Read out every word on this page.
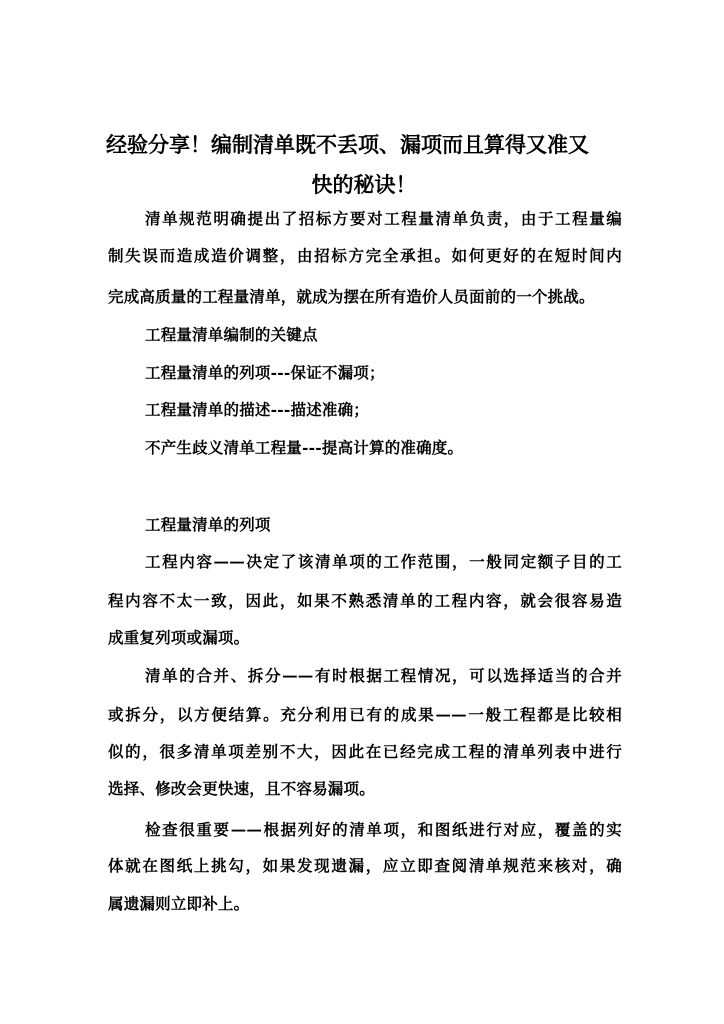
经验分享！编制清单既不丢项、漏项而且算得又准又
快的秘诀！
清单规范明确提出了招标方要对工程量清单负责，由于工程量编
制失误而造成造价调整，由招标方完全承担。如何更好的在短时间内
完成高质量的工程量清单，就成为摆在所有造价人员面前的一个挑战。
工程量清单编制的关键点
工程量清单的列项---保证不漏项；
工程量清单的描述---描述准确；
不产生歧义清单工程量---提高计算的准确度。
工程量清单的列项
工程内容——决定了该清单项的工作范围，一般同定额子目的工
程内容不太一致，因此，如果不熟悉清单的工程内容，就会很容易造
成重复列项或漏项。
清单的合并、拆分——有时根据工程情况，可以选择适当的合并
或拆分，以方便结算。充分利用已有的成果——一般工程都是比较相
似的，很多清单项差别不大，因此在已经完成工程的清单列表中进行
选择、修改会更快速，且不容易漏项。
检查很重要——根据列好的清单项，和图纸进行对应，覆盖的实
体就在图纸上挑勾，如果发现遗漏，应立即查阅清单规范来核对，确
属遗漏则立即补上。
